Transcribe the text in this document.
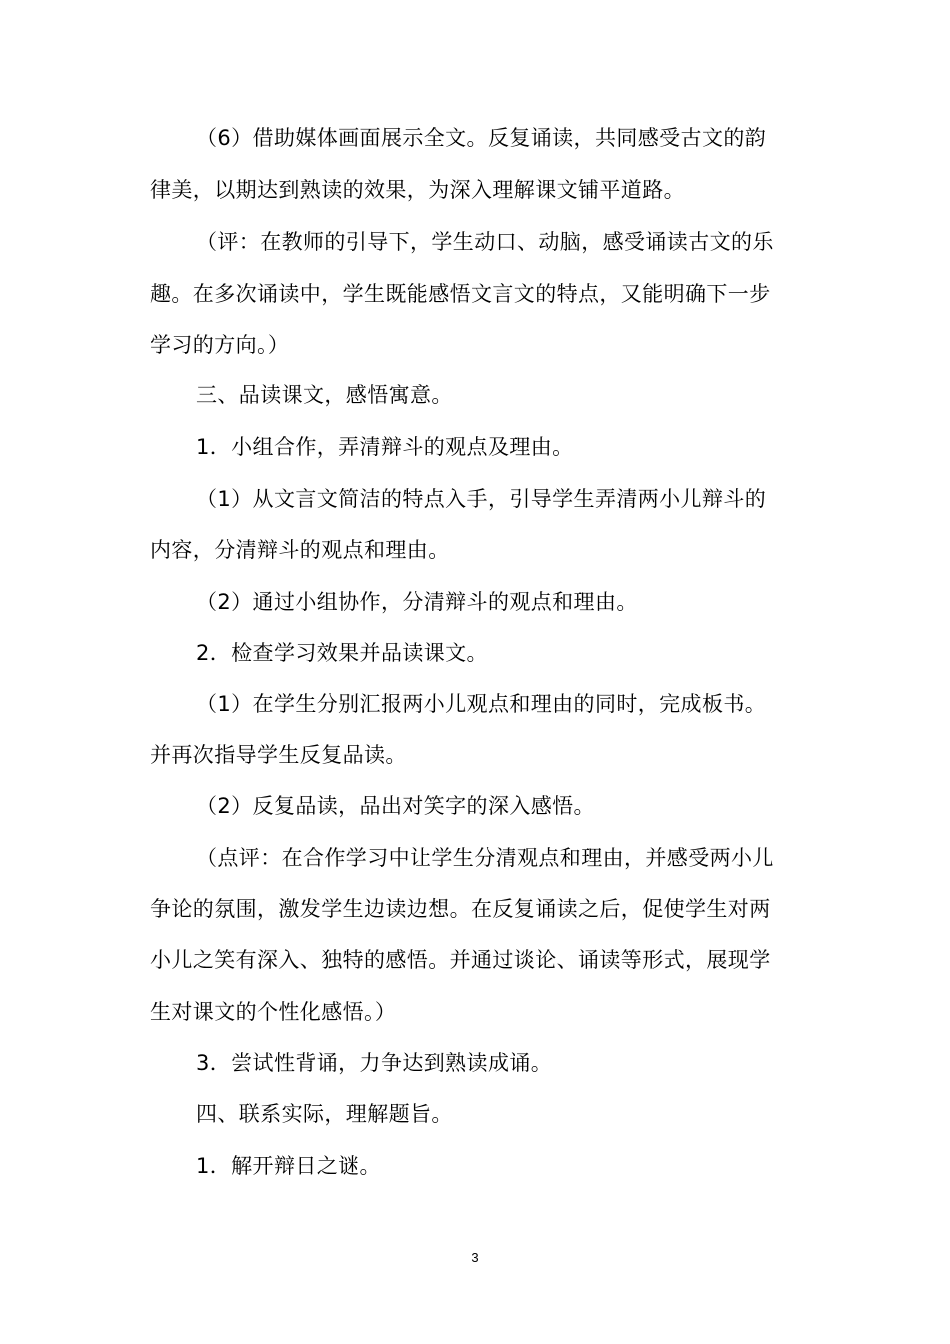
（6）借助媒体画面展示全文。反复诵读，共同感受古文的韵
律美，以期达到熟读的效果，为深入理解课文铺平道路。
（评：在教师的引导下，学生动口、动脑，感受诵读古文的乐
趣。在多次诵读中，学生既能感悟文言文的特点，又能明确下一步
学习的方向。）
三、品读课文，感悟寓意。
1．小组合作，弄清辩斗的观点及理由。
（1）从文言文简洁的特点入手，引导学生弄清两小儿辩斗的
内容，分清辩斗的观点和理由。
（2）通过小组协作，分清辩斗的观点和理由。
2．检查学习效果并品读课文。
（1）在学生分别汇报两小儿观点和理由的同时，完成板书。
并再次指导学生反复品读。
（2）反复品读，品出对笑字的深入感悟。
（点评：在合作学习中让学生分清观点和理由，并感受两小儿
争论的氛围，激发学生边读边想。在反复诵读之后，促使学生对两
小儿之笑有深入、独特的感悟。并通过谈论、诵读等形式，展现学
生对课文的个性化感悟。）
3．尝试性背诵，力争达到熟读成诵。
四、联系实际，理解题旨。
1．解开辩日之谜。
3
